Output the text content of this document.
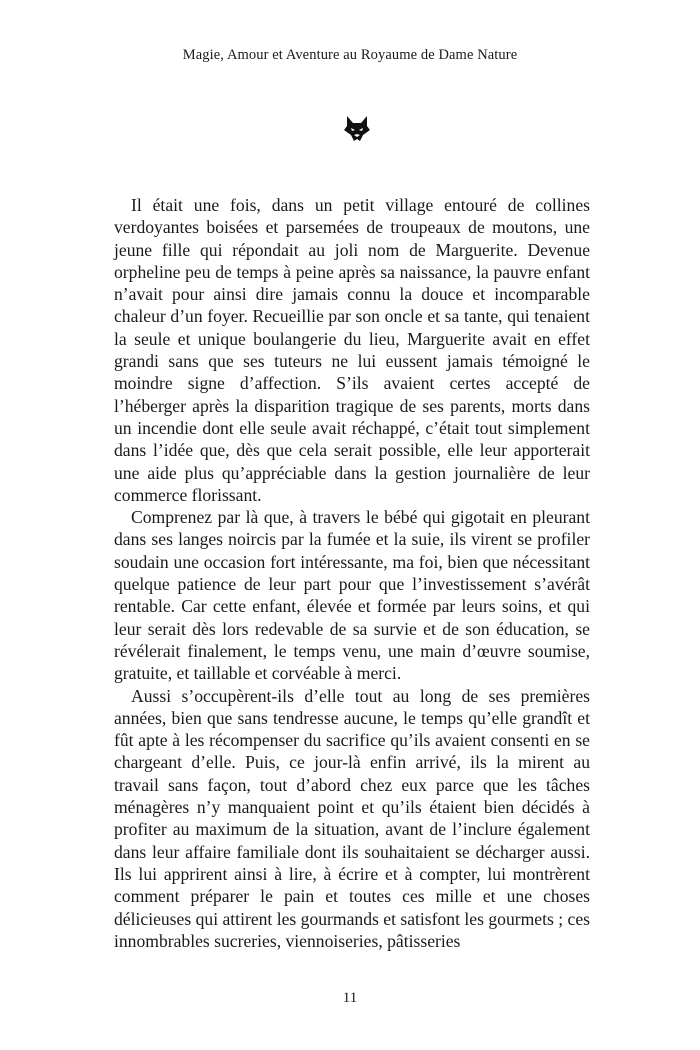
Magie, Amour et Aventure au Royaume de Dame Nature

Il était une fois, dans un petit village entouré de collines verdoyantes boisées et parsemées de troupeaux de moutons, une jeune fille qui répondait au joli nom de Marguerite. Devenue orpheline peu de temps à peine après sa naissance, la pauvre enfant n’avait pour ainsi dire jamais connu la douce et incomparable chaleur d’un foyer. Recueillie par son oncle et sa tante, qui tenaient la seule et unique boulangerie du lieu, Marguerite avait en effet grandi sans que ses tuteurs ne lui eussent jamais témoigné le moindre signe d’affection. S’ils avaient certes accepté de l’héberger après la disparition tragique de ses parents, morts dans un incendie dont elle seule avait réchappé, c’était tout simplement dans l’idée que, dès que cela serait possible, elle leur apporterait une aide plus qu’appréciable dans la gestion journalière de leur commerce florissant.

Comprenez par là que, à travers le bébé qui gigotait en pleurant dans ses langes noircis par la fumée et la suie, ils virent se profiler soudain une occasion fort intéressante, ma foi, bien que nécessitant quelque patience de leur part pour que l’investissement s’avérât rentable. Car cette enfant, élevée et formée par leurs soins, et qui leur serait dès lors redevable de sa survie et de son éducation, se révélerait finalement, le temps venu, une main d’œuvre soumise, gratuite, et taillable et corvéable à merci.

Aussi s’occupèrent-ils d’elle tout au long de ses premières années, bien que sans tendresse aucune, le temps qu’elle grandît et fût apte à les récompenser du sacrifice qu’ils avaient consenti en se chargeant d’elle. Puis, ce jour-là enfin arrivé, ils la mirent au travail sans façon, tout d’abord chez eux parce que les tâches ménagères n’y manquaient point et qu’ils étaient bien décidés à profiter au maximum de la situation, avant de l’inclure également dans leur affaire familiale dont ils souhaitaient se décharger aussi. Ils lui apprirent ainsi à lire, à écrire et à compter, lui montrèrent comment préparer le pain et toutes ces mille et une choses délicieuses qui attirent les gourmands et satisfont les gourmets ; ces innombrables sucreries, viennoiseries, pâtisseries

11
